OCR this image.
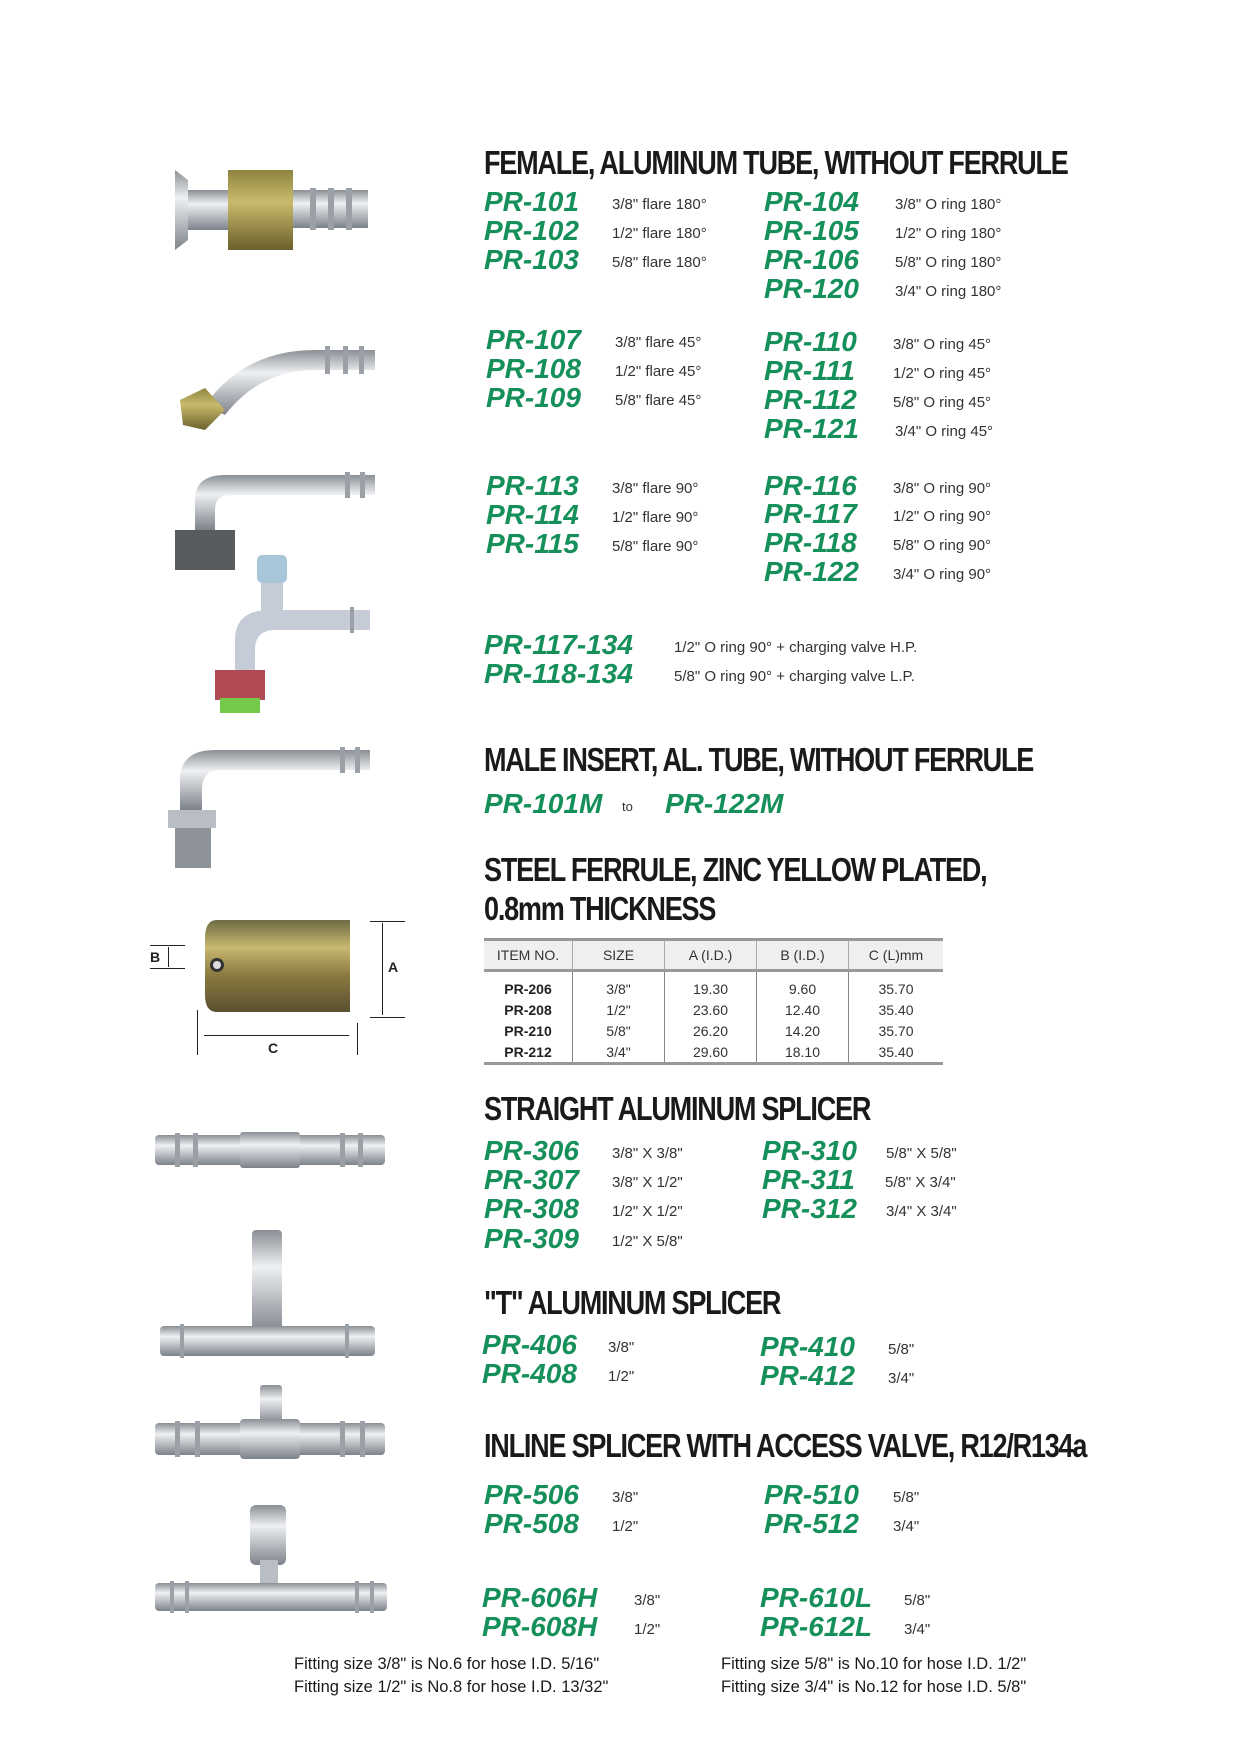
B
A
C
FEMALE, ALUMINUM TUBE, WITHOUT FERRULE
PR-101 3/8" flare 180°
PR-102 1/2" flare 180°
PR-103 5/8" flare 180°
PR-104 3/8" O ring 180°
PR-105 1/2" O ring 180°
PR-106 5/8" O ring 180°
PR-120 3/4" O ring 180°
PR-107 3/8" flare 45°
PR-108 1/2" flare 45°
PR-109 5/8" flare 45°
PR-110 3/8" O ring 45°
PR-111	1/2" O ring 45°
PR-112 5/8" O ring 45°
PR-121 3/4" O ring 45°
PR-113 3/8" flare 90°
PR-114 1/2" flare 90°
PR-115 5/8" flare 90°
PR-116 3/8" O ring 90°
PR-117 1/2" O ring 90°
PR-118 5/8" O ring 90°
PR-122 3/4" O ring 90°
PR-117-134	1/2" O ring 90° + charging valve H.P.
PR-118-134	5/8" O ring 90° + charging valve L.P.
MALE INSERT, AL. TUBE, WITHOUT FERRULE
PR-101M to PR-122M
STEEL FERRULE, ZINC YELLOW PLATED,
0.8mm THICKNESS
ITEM NO.	SIZE	A (I.D.)	B (I.D.)	C (L)mm
PR-206	3/8"	19.30	9.60	35.70
PR-208	1/2"	23.60	12.40	35.40
PR-210	5/8"	26.20	14.20	35.70
PR-212	3/4"	29.60	18.10	35.40
STRAIGHT ALUMINUM SPLICER
PR-306 3/8" X 3/8"
PR-307 3/8" X 1/2"
PR-308 1/2" X 1/2"
PR-309 1/2" X 5/8"
PR-310 5/8" X 5/8"
PR-311 5/8" X 3/4"
PR-312 3/4" X 3/4"
"T" ALUMINUM SPLICER
PR-406 3/8"
PR-408 1/2"
PR-410 5/8"
PR-412 3/4"
INLINE SPLICER WITH ACCESS VALVE, R12/R134a
PR-506 3/8"
PR-508 1/2"
PR-510 5/8"
PR-512 3/4"
PR-606H 3/8"
PR-608H 1/2"
PR-610L 5/8"
PR-612L 3/4"
Fitting size 3/8" is No.6 for hose I.D. 5/16"
Fitting size 1/2" is No.8 for hose I.D. 13/32"
Fitting size 5/8" is No.10 for hose I.D. 1/2"
Fitting size 3/4" is No.12 for hose I.D. 5/8"
